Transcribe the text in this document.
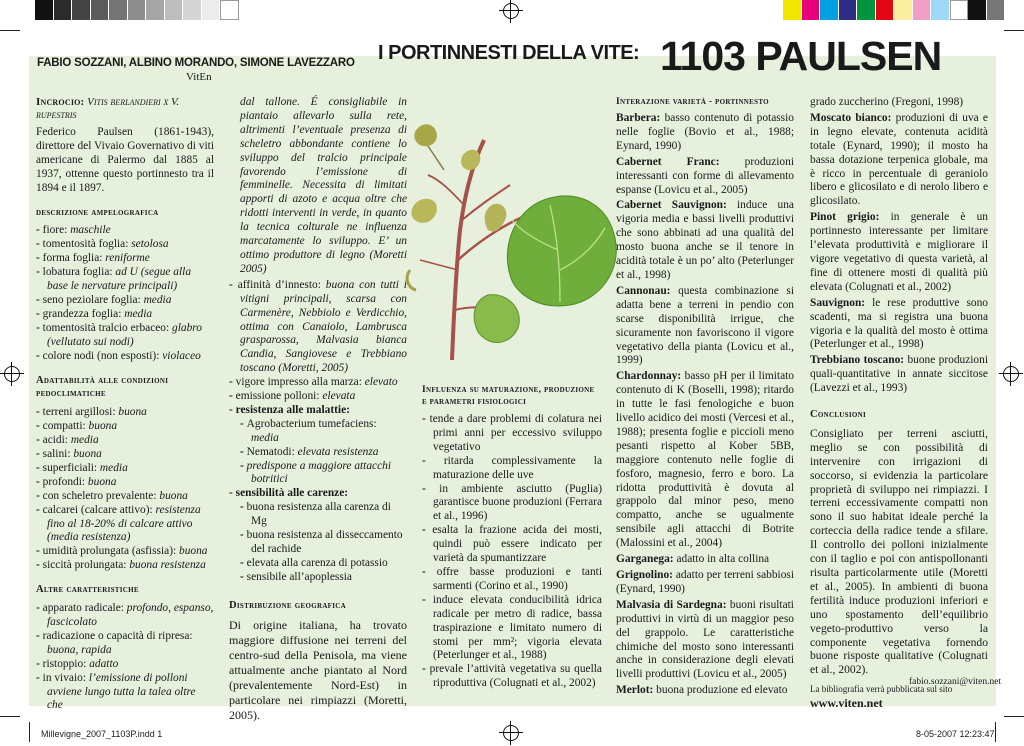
FABIO SOZZANI, ALBINO MORANDO, SIMONE LAVEZZARO
VitEn
I PORTINNESTI DELLA VITE: 1103 PAULSEN

Incrocio: Vitis berlandieri x V. rupestris

Federico Paulsen (1861-1943), direttore del Vivaio Governativo di viti americane di Palermo dal 1885 al 1937, ottenne questo portinnesto tra il 1894 e il 1897.

descrizione ampelografica
- fiore: maschile
- tomentosità foglia: setolosa
- forma foglia: reniforme
- lobatura foglia: ad U (segue alla base le nervature principali)
- seno peziolare foglia: media
- grandezza foglia: media
- tomentosità tralcio erbaceo: glabro (vellutato sui nodi)
- colore nodi (non esposti): violaceo
Adattabilità alle condizioni pedoclimatiche
- terreni argillosi: buona
- compatti: buona
- acidi: media
- salini: buona
- superficiali: media
- profondi: buona
- con scheletro prevalente: buona
- calcarei (calcare attivo): resistenza fino al 18-20% di calcare attivo (media resistenza)
- umidità prolungata (asfissia): buona
- siccità prolungata: buona resistenza
Altre caratteristiche
- apparato radicale: profondo, espanso, fascicolato
- radicazione o capacità di ripresa: buona, rapida
- ristoppio: adatto
- in vivaio: l’emissione di polloni avviene lungo tutta la talea oltre che

dal tallone. É consigliabile in piantaio allevarlo sulla rete, altrimenti l’eventuale presenza di scheletro abbondante contiene lo sviluppo del tralcio principale favorendo l’emissione di femminelle. Necessita di limitati apporti di azoto e acqua oltre che ridotti interventi in verde, in quanto la tecnica colturale ne influenza marcatamente lo sviluppo. E’ un ottimo produttore di legno (Moretti 2005)

- affinità d’innesto: buona con tutti i vitigni principali, scarsa con Carmenère, Nebbiolo e Verdicchio, ottima con Canaiolo, Lambrusca grasparossa, Malvasia bianca Candia, Sangiovese e Trebbiano toscano (Moretti, 2005)
- vigore impresso alla marza: elevato
- emissione polloni: elevata
- resistenza alle malattie:
- Agrobacterium tumefaciens: media
- Nematodi: elevata resistenza
- predispone a maggiore attacchi botritici
- sensibilità alle carenze:
- buona resistenza alla carenza di Mg
- buona resistenza al disseccamento del rachide
- elevata alla carenza di potassio
- sensibile all’apoplessia
Distribuzione geografica

Di origine italiana, ha trovato maggiore diffusione nei terreni del centro-sud della Penisola, ma viene attualmente anche piantato al Nord (prevalentemente Nord-Est) in particolare nei rimpiazzi (Moretti, 2005).

Influenza su maturazione, produzione e parametri fisiologici
- tende a dare problemi di colatura nei primi anni per eccessivo sviluppo vegetativo
- ritarda complessivamente la maturazione delle uve
- in ambiente asciutto (Puglia) garantisce buone produzioni (Ferrara et al., 1996)
- esalta la frazione acida dei mosti, quindi può essere indicato per varietà da spumantizzare
- offre basse produzioni e tanti sarmenti (Corino et al., 1990)
- induce elevata conducibilità idrica radicale per metro di radice, bassa traspirazione e limitato numero di stomi per mm²; vigoria elevata (Peterlunger et al., 1988)
- prevale l’attività vegetativa su quella riproduttiva (Colugnati et al., 2002)
Interazione varietà - portinnesto

Barbera: basso contenuto di potassio nelle foglie (Bovio et al., 1988; Eynard, 1990)

Cabernet Franc: produzioni interessanti con forme di allevamento espanse (Lovicu et al., 2005)

Cabernet Sauvignon: induce una vigoria media e bassi livelli produttivi che sono abbinati ad una qualità del mosto buona anche se il tenore in acidità totale è un po’ alto (Peterlunger et al., 1998)

Cannonau: questa combinazione si adatta bene a terreni in pendio con scarse disponibilità irrigue, che sicuramente non favoriscono il vigore vegetativo della pianta (Lovicu et al., 1999)

Chardonnay: basso pH per il limitato contenuto di K (Boselli, 1998); ritardo in tutte le fasi fenologiche e buon livello acidico dei mosti (Vercesi et al., 1988); presenta foglie e piccioli meno pesanti rispetto al Kober 5BB, maggiore contenuto nelle foglie di fosforo, magnesio, ferro e boro. La ridotta produttività è dovuta al grappolo dal minor peso, meno compatto, anche se ugualmente sensibile agli attacchi di Botrite (Malossini et al., 2004)

Garganega: adatto in alta collina

Grignolino: adatto per terreni sabbiosi (Eynard, 1990)

Malvasia di Sardegna: buoni risultati produttivi in virtù di un maggior peso del grappolo. Le caratteristiche chimiche del mosto sono interessanti anche in considerazione degli elevati livelli produttivi (Lovicu et al., 2005)

Merlot: buona produzione ed elevato

grado zuccherino (Fregoni, 1998)

Moscato bianco: produzioni di uva e in legno elevate, contenuta acidità totale (Eynard, 1990); il mosto ha bassa dotazione terpenica globale, ma è ricco in percentuale di geraniolo libero e glicosilato e di nerolo libero e glicosilato.

Pinot grigio: in generale è un portinnesto interessante per limitare l’elevata produttività e migliorare il vigore vegetativo di questa varietà, al fine di ottenere mosti di qualità più elevata (Colugnati et al., 2002)

Sauvignon: le rese produttive sono scadenti, ma si registra una buona vigoria e la qualità del mosto è ottima (Peterlunger et al., 1998)

Trebbiano toscano: buone produzioni quali-quantitative in annate siccitose (Lavezzi et al., 1993)

Conclusioni

Consigliato per terreni asciutti, meglio se con possibilità di intervenire con irrigazioni di soccorso, si evidenzia la particolare proprietà di sviluppo nei rimpiazzi. I terreni eccessivamente compatti non sono il suo habitat ideale perché la corteccia della radice tende a sfilare. Il controllo dei polloni inizialmente con il taglio e poi con antispollonanti risulta particolarmente utile (Moretti et al., 2005). In ambienti di buona fertilità induce produzioni inferiori e uno spostamento dell’equilibrio vegeto-produttivo verso la componente vegetativa fornendo buone risposte qualitative (Colugnati et al., 2002).

La bibliografia verrà pubblicata sul sito www.viten.net

fabio.sozzani@viten.net
Millevigne_2007_1103P.indd 1	8-05-2007 12:23:47
